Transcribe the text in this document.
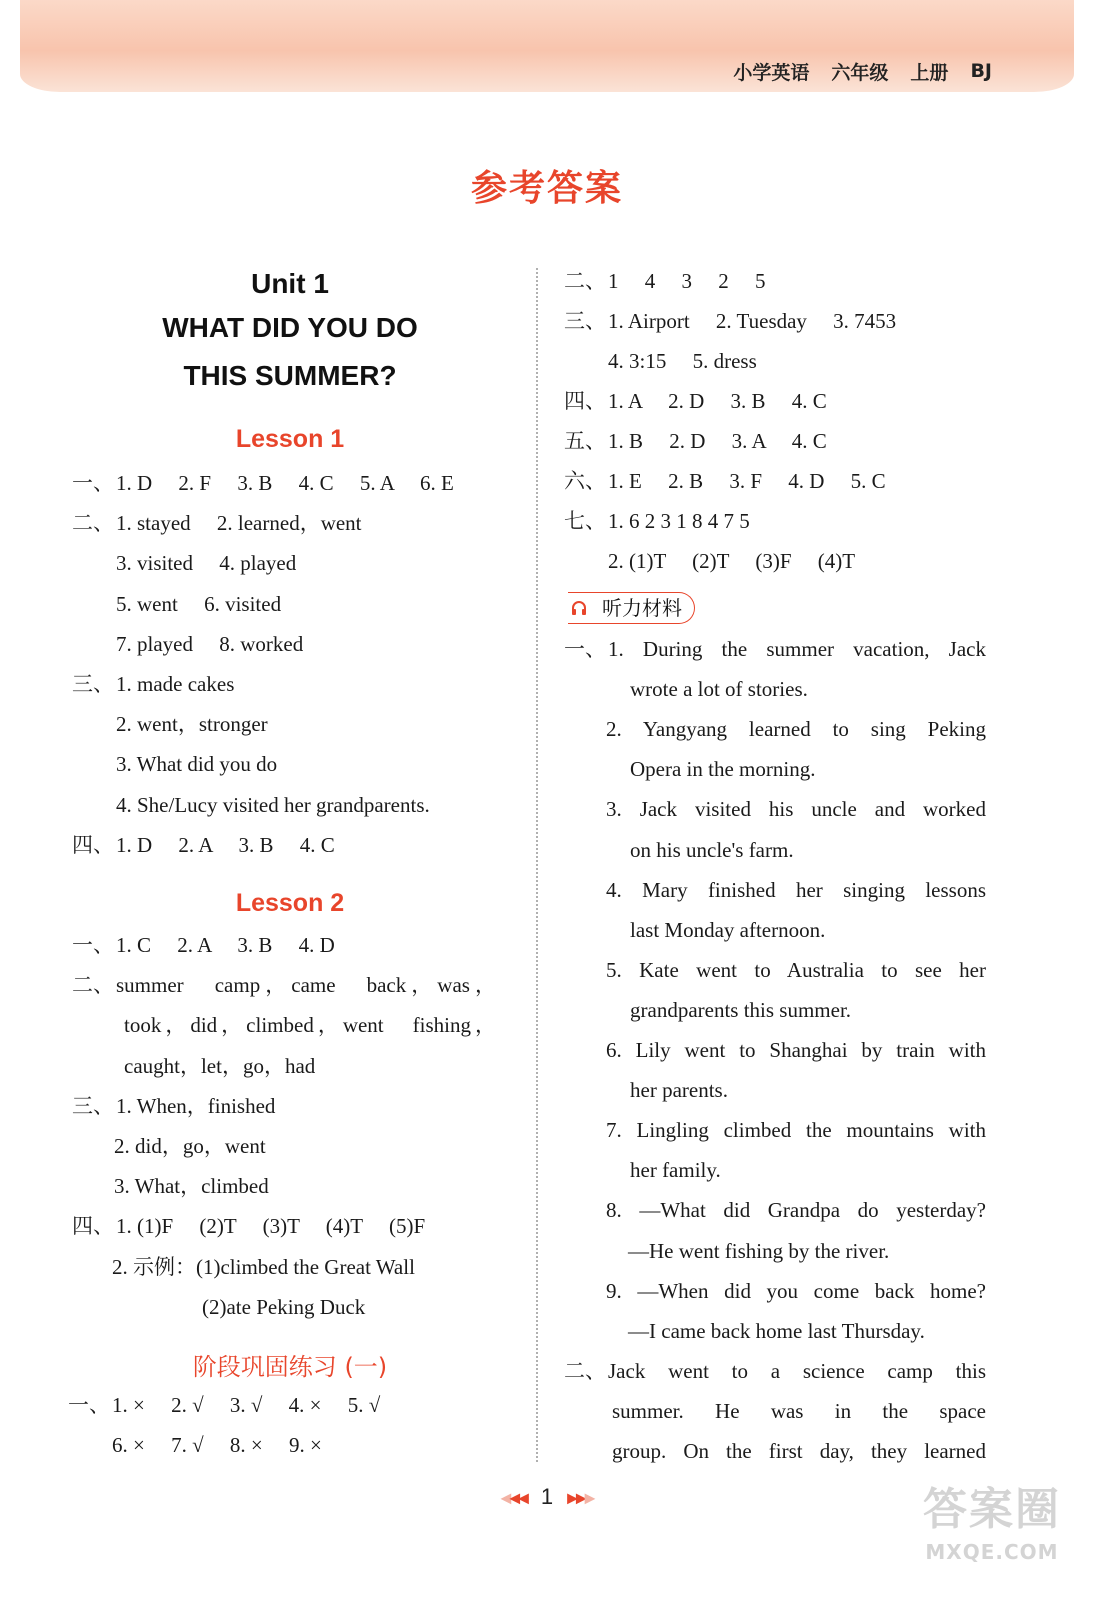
小学英语 六年级 上册 BJ
参考答案
Unit 1
WHAT DID YOU DO
THIS SUMMER?
Lesson 1
一、1. D　 2. F　 3. B　 4. C　 5. A　 6. E
二、1. stayed　 2. learned，went
3. visited　 4. played
5. went　 6. visited
7. played　 8. worked
三、1. made cakes
2. went，stronger
3. What did you do
4. She/Lucy visited her grandparents.
四、1. D　 2. A　 3. B　 4. C
Lesson 2
一、1. C　 2. A　 3. B　 4. D
二、summer　camp，came　back，was，
took，did，climbed，went　fishing，
caught，let，go，had
三、1. When，finished
2. did，go，went
3. What，climbed
四、1. (1)F　 (2)T　 (3)T　 (4)T　 (5)F
2. 示例：(1)climbed the Great Wall
(2)ate Peking Duck
阶段巩固练习 (一)
一、1. ×　 2. √　 3. √　 4. ×　 5. √
6. ×　 7. √　 8. ×　 9. ×
二、1　 4　 3　 2　 5
三、1. Airport　 2. Tuesday　 3. 7453
4. 3:15　 5. dress
四、1. A　 2. D　 3. B　 4. C
五、1. B　 2. D　 3. A　 4. C
六、1. E　 2. B　 3. F　 4. D　 5. C
七、1. 6 2 3 1 8 4 7 5
2. (1)T　 (2)T　 (3)F　 (4)T
听力材料
一、1. During the summer vacation, Jack
wrote a lot of stories.
2. Yangyang learned to sing Peking
Opera in the morning.
3. Jack visited his uncle and worked
on his uncle's farm.
4. Mary finished her singing lessons
last Monday afternoon.
5. Kate went to Australia to see her
grandparents this summer.
6. Lily went to Shanghai by train with
her parents.
7. Lingling climbed the mountains with
her family.
8. —What did Grandpa do yesterday?
—He went fishing by the river.
9. —When did you come back home?
—I came back home last Thursday.
二、Jack went to a science camp this
summer. He was in the space
group. On the first day, they learned
◀◀◀ 1 ▶▶▶	答案圈
MXQE.COM
